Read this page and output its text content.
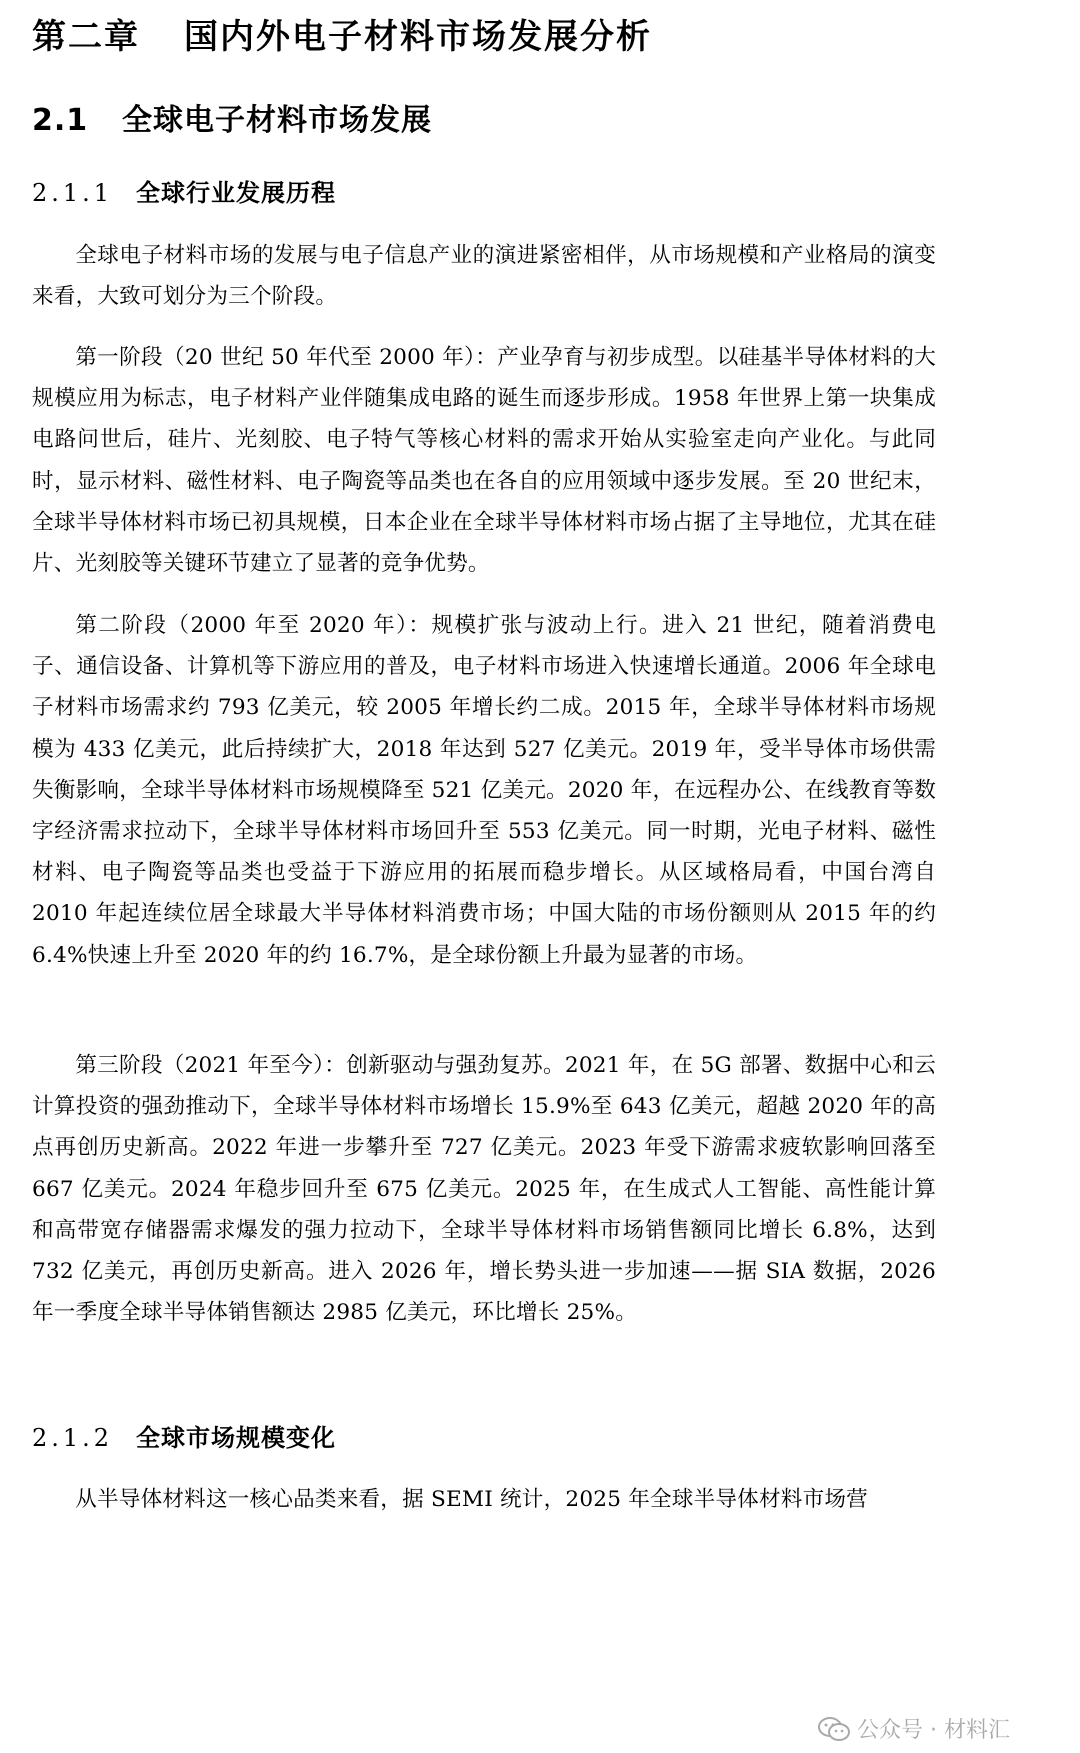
第二章 国内外电子材料市场发展分析
2.1 全球电子材料市场发展
2.1.1 全球行业发展历程

全球电子材料市场的发展与电子信息产业的演进紧密相伴，从市场规模和产业格局的演变来看，大致可划分为三个阶段。

第一阶段（20 世纪 50 年代至 2000 年）：产业孕育与初步成型。以硅基半导体材料的大规模应用为标志，电子材料产业伴随集成电路的诞生而逐步形成。1958 年世界上第一块集成电路问世后，硅片、光刻胶、电子特气等核心材料的需求开始从实验室走向产业化。与此同时，显示材料、磁性材料、电子陶瓷等品类也在各自的应用领域中逐步发展。至 20 世纪末，全球半导体材料市场已初具规模，日本企业在全球半导体材料市场占据了主导地位，尤其在硅片、光刻胶等关键环节建立了显著的竞争优势。

第二阶段（2000 年至 2020 年）：规模扩张与波动上行。进入 21 世纪，随着消费电子、通信设备、计算机等下游应用的普及，电子材料市场进入快速增长通道。2006 年全球电子材料市场需求约 793 亿美元，较 2005 年增长约二成。2015 年，全球半导体材料市场规模为 433 亿美元，此后持续扩大，2018 年达到 527 亿美元。2019 年，受半导体市场供需失衡影响，全球半导体材料市场规模降至 521 亿美元。2020 年，在远程办公、在线教育等数字经济需求拉动下，全球半导体材料市场回升至 553 亿美元。同一时期，光电子材料、磁性材料、电子陶瓷等品类也受益于下游应用的拓展而稳步增长。从区域格局看，中国台湾自 2010 年起连续位居全球最大半导体材料消费市场；中国大陆的市场份额则从 2015 年的约 6.4%快速上升至 2020 年的约 16.7%，是全球份额上升最为显著的市场。

第三阶段（2021 年至今）：创新驱动与强劲复苏。2021 年，在 5G 部署、数据中心和云计算投资的强劲推动下，全球半导体材料市场增长 15.9%至 643 亿美元，超越 2020 年的高点再创历史新高。2022 年进一步攀升至 727 亿美元。2023 年受下游需求疲软影响回落至 667 亿美元。2024 年稳步回升至 675 亿美元。2025 年，在生成式人工智能、高性能计算和高带宽存储器需求爆发的强力拉动下，全球半导体材料市场销售额同比增长 6.8%，达到 732 亿美元，再创历史新高。进入 2026 年，增长势头进一步加速——据 SIA 数据，2026 年一季度全球半导体销售额达 2985 亿美元，环比增长 25%。

2.1.2 全球市场规模变化

从半导体材料这一核心品类来看，据 SEMI 统计，2025 年全球半导体材料市场营

公众号 · 材料汇
